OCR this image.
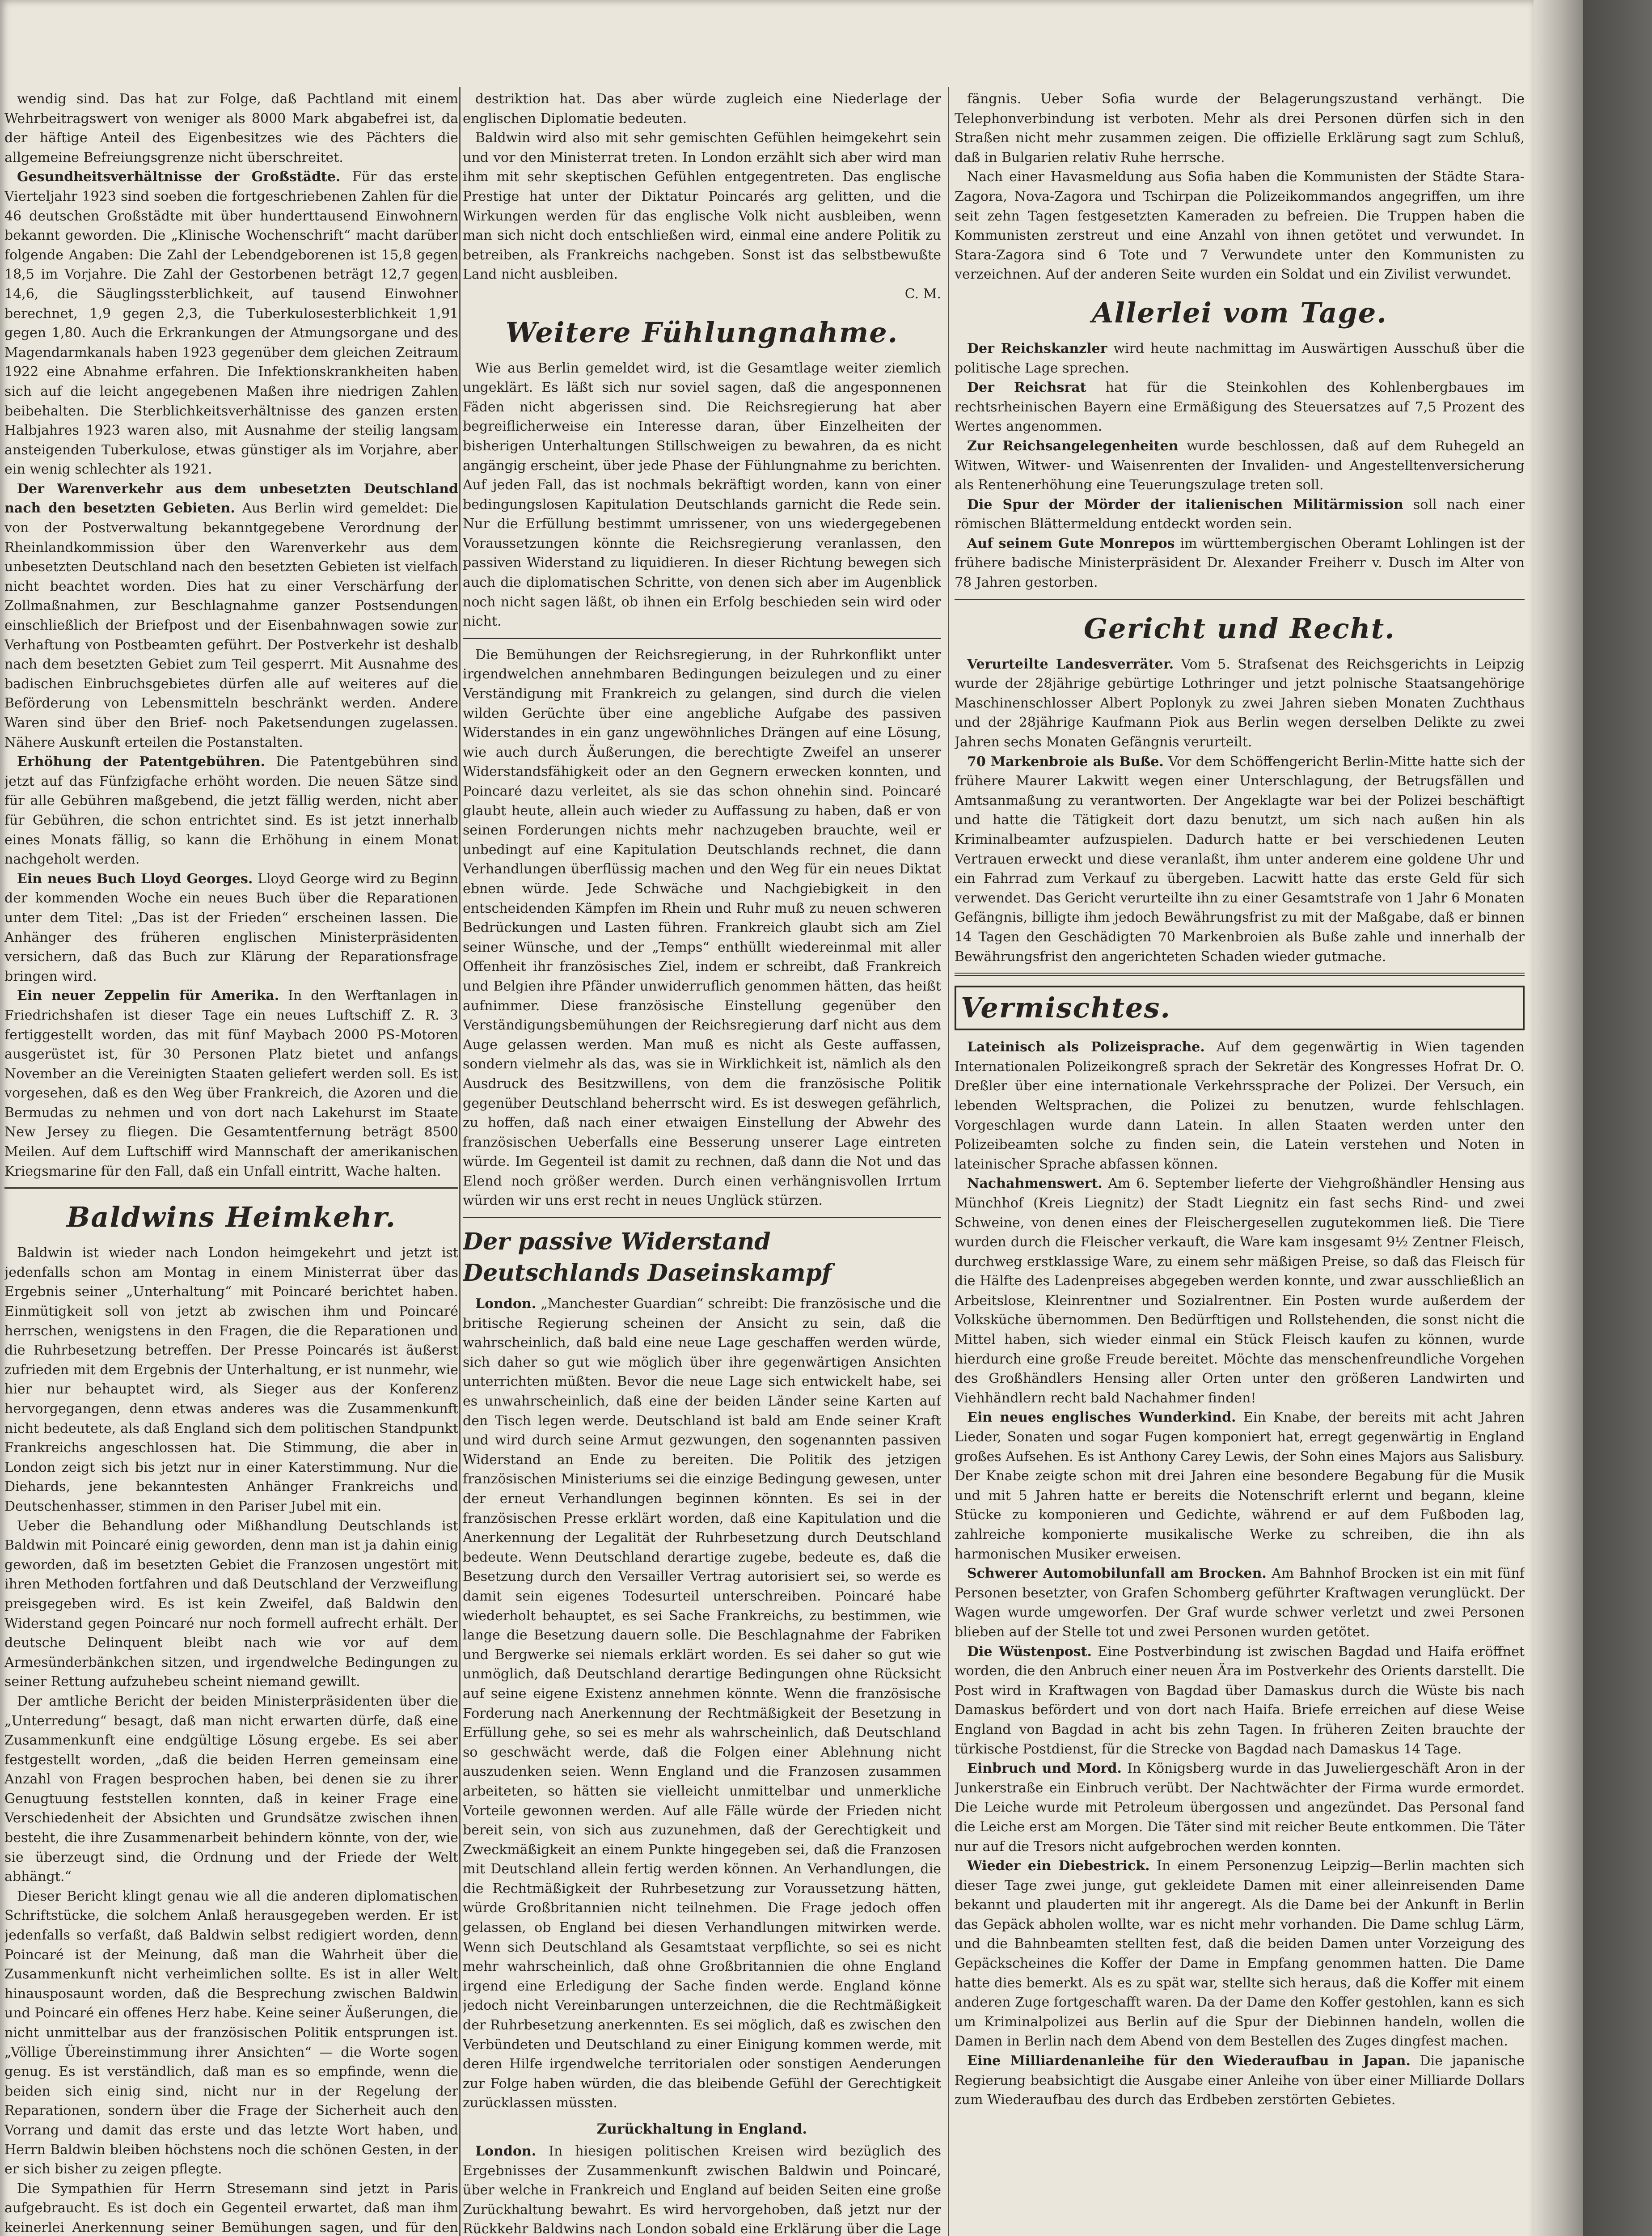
wendig sind. Das hat zur Folge, daß Pachtland mit einem Wehrbeitragswert von weniger als 8000 Mark abgabefrei ist, da der häftige Anteil des Eigenbesitzes wie des Pächters die allgemeine Befreiungsgrenze nicht überschreitet.

Gesundheitsverhältnisse der Großstädte. Für das erste Vierteljahr 1923 sind soeben die fortgeschriebenen Zahlen für die 46 deutschen Großstädte mit über hunderttausend Einwohnern bekannt geworden. Die „Klinische Wochenschrift“ macht darüber folgende Angaben: Die Zahl der Lebendgeborenen ist 15,8 gegen 18,5 im Vorjahre. Die Zahl der Gestorbenen beträgt 12,7 gegen 14,6, die Säuglingssterblichkeit, auf tausend Einwohner berechnet, 1,9 gegen 2,3, die Tuberkulosesterblichkeit 1,91 gegen 1,80. Auch die Erkrankungen der Atmungsorgane und des Magendarmkanals haben 1923 gegenüber dem gleichen Zeitraum 1922 eine Abnahme erfahren. Die Infektionskrankheiten haben sich auf die leicht angegebenen Maßen ihre niedrigen Zahlen beibehalten. Die Sterblichkeitsverhältnisse des ganzen ersten Halbjahres 1923 waren also, mit Ausnahme der steilig langsam ansteigenden Tuberkulose, etwas günstiger als im Vorjahre, aber ein wenig schlechter als 1921.

Der Warenverkehr aus dem unbesetzten Deutschland nach den besetzten Gebieten. Aus Berlin wird gemeldet: Die von der Postverwaltung bekanntgegebene Verordnung der Rheinlandkommission über den Warenverkehr aus dem unbesetzten Deutschland nach den besetzten Gebieten ist vielfach nicht beachtet worden. Dies hat zu einer Verschärfung der Zollmaßnahmen, zur Beschlagnahme ganzer Postsendungen einschließlich der Briefpost und der Eisenbahnwagen sowie zur Verhaftung von Postbeamten geführt. Der Postverkehr ist deshalb nach dem besetzten Gebiet zum Teil gesperrt. Mit Ausnahme des badischen Einbruchsgebietes dürfen alle auf weiteres auf die Beförderung von Lebensmitteln beschränkt werden. Andere Waren sind über den Brief- noch Paketsendungen zugelassen. Nähere Auskunft erteilen die Postanstalten.

Erhöhung der Patentgebühren. Die Patentgebühren sind jetzt auf das Fünfzigfache erhöht worden. Die neuen Sätze sind für alle Gebühren maßgebend, die jetzt fällig werden, nicht aber für Gebühren, die schon entrichtet sind. Es ist jetzt innerhalb eines Monats fällig, so kann die Erhöhung in einem Monat nachgeholt werden.

Ein neues Buch Lloyd Georges. Lloyd George wird zu Beginn der kommenden Woche ein neues Buch über die Reparationen unter dem Titel: „Das ist der Frieden“ erscheinen lassen. Die Anhänger des früheren englischen Ministerpräsidenten versichern, daß das Buch zur Klärung der Reparationsfrage bringen wird.

Ein neuer Zeppelin für Amerika. In den Werftanlagen in Friedrichshafen ist dieser Tage ein neues Luftschiff Z. R. 3 fertiggestellt worden, das mit fünf Maybach 2000 PS-Motoren ausgerüstet ist, für 30 Personen Platz bietet und anfangs November an die Vereinigten Staaten geliefert werden soll. Es ist vorgesehen, daß es den Weg über Frankreich, die Azoren und die Bermudas zu nehmen und von dort nach Lakehurst im Staate New Jersey zu fliegen. Die Gesamtentfernung beträgt 8500 Meilen. Auf dem Luftschiff wird Mannschaft der amerikanischen Kriegsmarine für den Fall, daß ein Unfall eintritt, Wache halten.

Baldwins Heimkehr.

Baldwin ist wieder nach London heimgekehrt und jetzt ist jedenfalls schon am Montag in einem Ministerrat über das Ergebnis seiner „Unterhaltung“ mit Poincaré berichtet haben. Einmütigkeit soll von jetzt ab zwischen ihm und Poincaré herrschen, wenigstens in den Fragen, die die Reparationen und die Ruhrbesetzung betreffen. Der Presse Poincarés ist äußerst zufrieden mit dem Ergebnis der Unterhaltung, er ist nunmehr, wie hier nur behauptet wird, als Sieger aus der Konferenz hervorgegangen, denn etwas anderes was die Zusammenkunft nicht bedeutete, als daß England sich dem politischen Standpunkt Frankreichs angeschlossen hat. Die Stimmung, die aber in London zeigt sich bis jetzt nur in einer Katerstimmung. Nur die Diehards, jene bekanntesten Anhänger Frankreichs und Deutschenhasser, stimmen in den Pariser Jubel mit ein.

Ueber die Behandlung oder Mißhandlung Deutschlands ist Baldwin mit Poincaré einig geworden, denn man ist ja dahin einig geworden, daß im besetzten Gebiet die Franzosen ungestört mit ihren Methoden fortfahren und daß Deutschland der Verzweiflung preisgegeben wird. Es ist kein Zweifel, daß Baldwin den Widerstand gegen Poincaré nur noch formell aufrecht erhält. Der deutsche Delinquent bleibt nach wie vor auf dem Armesünderbänkchen sitzen, und irgendwelche Bedingungen zu seiner Rettung aufzuhebeu scheint niemand gewillt.

Der amtliche Bericht der beiden Ministerpräsidenten über die „Unterredung“ besagt, daß man nicht erwarten dürfe, daß eine Zusammenkunft eine endgültige Lösung ergebe. Es sei aber festgestellt worden, „daß die beiden Herren gemeinsam eine Anzahl von Fragen besprochen haben, bei denen sie zu ihrer Genugtuung feststellen konnten, daß in keiner Frage eine Verschiedenheit der Absichten und Grundsätze zwischen ihnen besteht, die ihre Zusammenarbeit behindern könnte, von der, wie sie überzeugt sind, die Ordnung und der Friede der Welt abhängt.“

Dieser Bericht klingt genau wie all die anderen diplomatischen Schriftstücke, die solchem Anlaß herausgegeben werden. Er ist jedenfalls so verfaßt, daß Baldwin selbst redigiert worden, denn Poincaré ist der Meinung, daß man die Wahrheit über die Zusammenkunft nicht verheimlichen sollte. Es ist in aller Welt hinausposaunt worden, daß die Besprechung zwischen Baldwin und Poincaré ein offenes Herz habe. Keine seiner Äußerungen, die nicht unmittelbar aus der französischen Politik entsprungen ist. „Völlige Übereinstimmung ihrer Ansichten“ — die Worte sogen genug. Es ist verständlich, daß man es so empfinde, wenn die beiden sich einig sind, nicht nur in der Regelung der Reparationen, sondern über die Frage der Sicherheit auch den Vorrang und damit das erste und das letzte Wort haben, und Herrn Baldwin bleiben höchstens noch die schönen Gesten, in der er sich bisher zu zeigen pflegte.

Die Sympathien für Herrn Stresemann sind jetzt in Paris aufgebraucht. Es ist doch ein Gegenteil erwartet, daß man ihm keinerlei Anerkennung seiner Bemühungen sagen, und für den

destriktion hat. Das aber würde zugleich eine Niederlage der englischen Diplomatie bedeuten.

Baldwin wird also mit sehr gemischten Gefühlen heimgekehrt sein und vor den Ministerrat treten. In London erzählt sich aber wird man ihm mit sehr skeptischen Gefühlen entgegentreten. Das englische Prestige hat unter der Diktatur Poincarés arg gelitten, und die Wirkungen werden für das englische Volk nicht ausbleiben, wenn man sich nicht doch entschließen wird, einmal eine andere Politik zu betreiben, als Frankreichs nachgeben. Sonst ist das selbstbewußte Land nicht ausbleiben.

C. M.

Weitere Fühlungnahme.

Wie aus Berlin gemeldet wird, ist die Gesamtlage weiter ziemlich ungeklärt. Es läßt sich nur soviel sagen, daß die angesponnenen Fäden nicht abgerissen sind. Die Reichsregierung hat aber begreiflicherweise ein Interesse daran, über Einzelheiten der bisherigen Unterhaltungen Stillschweigen zu bewahren, da es nicht angängig erscheint, über jede Phase der Fühlungnahme zu berichten. Auf jeden Fall, das ist nochmals bekräftigt worden, kann von einer bedingungslosen Kapitulation Deutschlands garnicht die Rede sein. Nur die Erfüllung bestimmt umrissener, von uns wiedergegebenen Voraussetzungen könnte die Reichsregierung veranlassen, den passiven Widerstand zu liquidieren. In dieser Richtung bewegen sich auch die diplomatischen Schritte, von denen sich aber im Augenblick noch nicht sagen läßt, ob ihnen ein Erfolg beschieden sein wird oder nicht.

Die Bemühungen der Reichsregierung, in der Ruhrkonflikt unter irgendwelchen annehmbaren Bedingungen beizulegen und zu einer Verständigung mit Frankreich zu gelangen, sind durch die vielen wilden Gerüchte über eine angebliche Aufgabe des passiven Widerstandes in ein ganz ungewöhnliches Drängen auf eine Lösung, wie auch durch Äußerungen, die berechtigte Zweifel an unserer Widerstandsfähigkeit oder an den Gegnern erwecken konnten, und Poincaré dazu verleitet, als sie das schon ohnehin sind. Poincaré glaubt heute, allein auch wieder zu Auffassung zu haben, daß er von seinen Forderungen nichts mehr nachzugeben brauchte, weil er unbedingt auf eine Kapitulation Deutschlands rechnet, die dann Verhandlungen überflüssig machen und den Weg für ein neues Diktat ebnen würde. Jede Schwäche und Nachgiebigkeit in den entscheidenden Kämpfen im Rhein und Ruhr muß zu neuen schweren Bedrückungen und Lasten führen. Frankreich glaubt sich am Ziel seiner Wünsche, und der „Temps“ enthüllt wiedereinmal mit aller Offenheit ihr französisches Ziel, indem er schreibt, daß Frankreich und Belgien ihre Pfänder unwiderruflich genommen hätten, das heißt aufnimmer. Diese französische Einstellung gegenüber den Verständigungsbemühungen der Reichsregierung darf nicht aus dem Auge gelassen werden. Man muß es nicht als Geste auffassen, sondern vielmehr als das, was sie in Wirklichkeit ist, nämlich als den Ausdruck des Besitzwillens, von dem die französische Politik gegenüber Deutschland beherrscht wird. Es ist deswegen gefährlich, zu hoffen, daß nach einer etwaigen Einstellung der Abwehr des französischen Ueberfalls eine Besserung unserer Lage eintreten würde. Im Gegenteil ist damit zu rechnen, daß dann die Not und das Elend noch größer werden. Durch einen verhängnisvollen Irrtum würden wir uns erst recht in neues Unglück stürzen.

Der passive Widerstand Deutschlands Daseinskampf

London. „Manchester Guardian“ schreibt: Die französische und die britische Regierung scheinen der Ansicht zu sein, daß die wahrscheinlich, daß bald eine neue Lage geschaffen werden würde, sich daher so gut wie möglich über ihre gegenwärtigen Ansichten unterrichten müßten. Bevor die neue Lage sich entwickelt habe, sei es unwahrscheinlich, daß eine der beiden Länder seine Karten auf den Tisch legen werde. Deutschland ist bald am Ende seiner Kraft und wird durch seine Armut gezwungen, den sogenannten passiven Widerstand an Ende zu bereiten. Die Politik des jetzigen französischen Ministeriums sei die einzige Bedingung gewesen, unter der erneut Verhandlungen beginnen könnten. Es sei in der französischen Presse erklärt worden, daß eine Kapitulation und die Anerkennung der Legalität der Ruhrbesetzung durch Deutschland bedeute. Wenn Deutschland derartige zugebe, bedeute es, daß die Besetzung durch den Versailler Vertrag autorisiert sei, so werde es damit sein eigenes Todesurteil unterschreiben. Poincaré habe wiederholt behauptet, es sei Sache Frankreichs, zu bestimmen, wie lange die Besetzung dauern solle. Die Beschlagnahme der Fabriken und Bergwerke sei niemals erklärt worden. Es sei daher so gut wie unmöglich, daß Deutschland derartige Bedingungen ohne Rücksicht auf seine eigene Existenz annehmen könnte. Wenn die französische Forderung nach Anerkennung der Rechtmäßigkeit der Besetzung in Erfüllung gehe, so sei es mehr als wahrscheinlich, daß Deutschland so geschwächt werde, daß die Folgen einer Ablehnung nicht auszudenken seien. Wenn England und die Franzosen zusammen arbeiteten, so hätten sie vielleicht unmittelbar und unmerkliche Vorteile gewonnen werden. Auf alle Fälle würde der Frieden nicht bereit sein, von sich aus zuzunehmen, daß der Gerechtigkeit und Zweckmäßigkeit an einem Punkte hingegeben sei, daß die Franzosen mit Deutschland allein fertig werden können. An Verhandlungen, die die Rechtmäßigkeit der Ruhrbesetzung zur Voraussetzung hätten, würde Großbritannien nicht teilnehmen. Die Frage jedoch offen gelassen, ob England bei diesen Verhandlungen mitwirken werde. Wenn sich Deutschland als Gesamtstaat verpflichte, so sei es nicht mehr wahrscheinlich, daß ohne Großbritannien die ohne England irgend eine Erledigung der Sache finden werde. England könne jedoch nicht Vereinbarungen unterzeichnen, die die Rechtmäßigkeit der Ruhrbesetzung anerkennten. Es sei möglich, daß es zwischen den Verbündeten und Deutschland zu einer Einigung kommen werde, mit deren Hilfe irgendwelche territorialen oder sonstigen Aenderungen zur Folge haben würden, die das bleibende Gefühl der Gerechtigkeit zurücklassen müssten.

Zurückhaltung in England.

London. In hiesigen politischen Kreisen wird bezüglich des Ergebnisses der Zusammenkunft zwischen Baldwin und Poincaré, über welche in Frankreich und England auf beiden Seiten eine große Zurückhaltung bewahrt. Es wird hervorgehoben, daß jetzt nur der Rückkehr Baldwins nach London sobald eine Erklärung über die Lage

fängnis. Ueber Sofia wurde der Belagerungszustand verhängt. Die Telephonverbindung ist verboten. Mehr als drei Personen dürfen sich in den Straßen nicht mehr zusammen zeigen. Die offizielle Erklärung sagt zum Schluß, daß in Bulgarien relativ Ruhe herrsche.

Nach einer Havasmeldung aus Sofia haben die Kommunisten der Städte Stara-Zagora, Nova-Zagora und Tschirpan die Polizeikommandos angegriffen, um ihre seit zehn Tagen festgesetzten Kameraden zu befreien. Die Truppen haben die Kommunisten zerstreut und eine Anzahl von ihnen getötet und verwundet. In Stara-Zagora sind 6 Tote und 7 Verwundete unter den Kommunisten zu verzeichnen. Auf der anderen Seite wurden ein Soldat und ein Zivilist verwundet.

Allerlei vom Tage.

Der Reichskanzler wird heute nachmittag im Auswärtigen Ausschuß über die politische Lage sprechen.

Der Reichsrat hat für die Steinkohlen des Kohlenbergbaues im rechtsrheinischen Bayern eine Ermäßigung des Steuersatzes auf 7,5 Prozent des Wertes angenommen.

Zur Reichsangelegenheiten wurde beschlossen, daß auf dem Ruhegeld an Witwen, Witwer- und Waisenrenten der Invaliden- und Angestelltenversicherung als Rentenerhöhung eine Teuerungszulage treten soll.

Die Spur der Mörder der italienischen Militärmission soll nach einer römischen Blättermeldung entdeckt worden sein.

Auf seinem Gute Monrepos im württembergischen Oberamt Lohlingen ist der frühere badische Ministerpräsident Dr. Alexander Freiherr v. Dusch im Alter von 78 Jahren gestorben.

Gericht und Recht.

Verurteilte Landesverräter. Vom 5. Strafsenat des Reichsgerichts in Leipzig wurde der 28jährige gebürtige Lothringer und jetzt polnische Staatsangehörige Maschinenschlosser Albert Poplonyk zu zwei Jahren sieben Monaten Zuchthaus und der 28jährige Kaufmann Piok aus Berlin wegen derselben Delikte zu zwei Jahren sechs Monaten Gefängnis verurteilt.

70 Markenbroie als Buße. Vor dem Schöffengericht Berlin-Mitte hatte sich der frühere Maurer Lakwitt wegen einer Unterschlagung, der Betrugsfällen und Amtsanmaßung zu verantworten. Der Angeklagte war bei der Polizei beschäftigt und hatte die Tätigkeit dort dazu benutzt, um sich nach außen hin als Kriminalbeamter aufzuspielen. Dadurch hatte er bei verschiedenen Leuten Vertrauen erweckt und diese veranlaßt, ihm unter anderem eine goldene Uhr und ein Fahrrad zum Verkauf zu übergeben. Lacwitt hatte das erste Geld für sich verwendet. Das Gericht verurteilte ihn zu einer Gesamtstrafe von 1 Jahr 6 Monaten Gefängnis, billigte ihm jedoch Bewährungsfrist zu mit der Maßgabe, daß er binnen 14 Tagen den Geschädigten 70 Markenbroien als Buße zahle und innerhalb der Bewährungsfrist den angerichteten Schaden wieder gutmache.

Vermischtes.

Lateinisch als Polizeisprache. Auf dem gegenwärtig in Wien tagenden Internationalen Polizeikongreß sprach der Sekretär des Kongresses Hofrat Dr. O. Dreßler über eine internationale Verkehrssprache der Polizei. Der Versuch, ein lebenden Weltsprachen, die Polizei zu benutzen, wurde fehlschlagen. Vorgeschlagen wurde dann Latein. In allen Staaten werden unter den Polizeibeamten solche zu finden sein, die Latein verstehen und Noten in lateinischer Sprache abfassen können.

Nachahmenswert. Am 6. September lieferte der Viehgroßhändler Hensing aus Münchhof (Kreis Liegnitz) der Stadt Liegnitz ein fast sechs Rind- und zwei Schweine, von denen eines der Fleischergesellen zugutekommen ließ. Die Tiere wurden durch die Fleischer verkauft, die Ware kam insgesamt 9½ Zentner Fleisch, durchweg erstklassige Ware, zu einem sehr mäßigen Preise, so daß das Fleisch für die Hälfte des Ladenpreises abgegeben werden konnte, und zwar ausschließlich an Arbeitslose, Kleinrentner und Sozialrentner. Ein Posten wurde außerdem der Volksküche übernommen. Den Bedürftigen und Rollstehenden, die sonst nicht die Mittel haben, sich wieder einmal ein Stück Fleisch kaufen zu können, wurde hierdurch eine große Freude bereitet. Möchte das menschenfreundliche Vorgehen des Großhändlers Hensing aller Orten unter den größeren Landwirten und Viehhändlern recht bald Nachahmer finden!

Ein neues englisches Wunderkind. Ein Knabe, der bereits mit acht Jahren Lieder, Sonaten und sogar Fugen komponiert hat, erregt gegenwärtig in England großes Aufsehen. Es ist Anthony Carey Lewis, der Sohn eines Majors aus Salisbury. Der Knabe zeigte schon mit drei Jahren eine besondere Begabung für die Musik und mit 5 Jahren hatte er bereits die Notenschrift erlernt und begann, kleine Stücke zu komponieren und Gedichte, während er auf dem Fußboden lag, zahlreiche komponierte musikalische Werke zu schreiben, die ihn als harmonischen Musiker erweisen.

Schwerer Automobilunfall am Brocken. Am Bahnhof Brocken ist ein mit fünf Personen besetzter, von Grafen Schomberg geführter Kraftwagen verunglückt. Der Wagen wurde umgeworfen. Der Graf wurde schwer verletzt und zwei Personen blieben auf der Stelle tot und zwei Personen wurden getötet.

Die Wüstenpost. Eine Postverbindung ist zwischen Bagdad und Haifa eröffnet worden, die den Anbruch einer neuen Ära im Postverkehr des Orients darstellt. Die Post wird in Kraftwagen von Bagdad über Damaskus durch die Wüste bis nach Damaskus befördert und von dort nach Haifa. Briefe erreichen auf diese Weise England von Bagdad in acht bis zehn Tagen. In früheren Zeiten brauchte der türkische Postdienst, für die Strecke von Bagdad nach Damaskus 14 Tage.

Einbruch und Mord. In Königsberg wurde in das Juweliergeschäft Aron in der Junkerstraße ein Einbruch verübt. Der Nachtwächter der Firma wurde ermordet. Die Leiche wurde mit Petroleum übergossen und angezündet. Das Personal fand die Leiche erst am Morgen. Die Täter sind mit reicher Beute entkommen. Die Täter nur auf die Tresors nicht aufgebrochen werden konnten.

Wieder ein Diebestrick. In einem Personenzug Leipzig—Berlin machten sich dieser Tage zwei junge, gut gekleidete Damen mit einer alleinreisenden Dame bekannt und plauderten mit ihr angeregt. Als die Dame bei der Ankunft in Berlin das Gepäck abholen wollte, war es nicht mehr vorhanden. Die Dame schlug Lärm, und die Bahnbeamten stellten fest, daß die beiden Damen unter Vorzeigung des Gepäckscheines die Koffer der Dame in Empfang genommen hatten. Die Dame hatte dies bemerkt. Als es zu spät war, stellte sich heraus, daß die Koffer mit einem anderen Zuge fortgeschafft waren. Da der Dame den Koffer gestohlen, kann es sich um Kriminalpolizei aus Berlin auf die Spur der Diebinnen handeln, wollen die Damen in Berlin nach dem Abend von dem Bestellen des Zuges dingfest machen.

Eine Milliardenanleihe für den Wiederaufbau in Japan. Die japanische Regierung beabsichtigt die Ausgabe einer Anleihe von über einer Milliarde Dollars zum Wiederaufbau des durch das Erdbeben zerstörten Gebietes.
